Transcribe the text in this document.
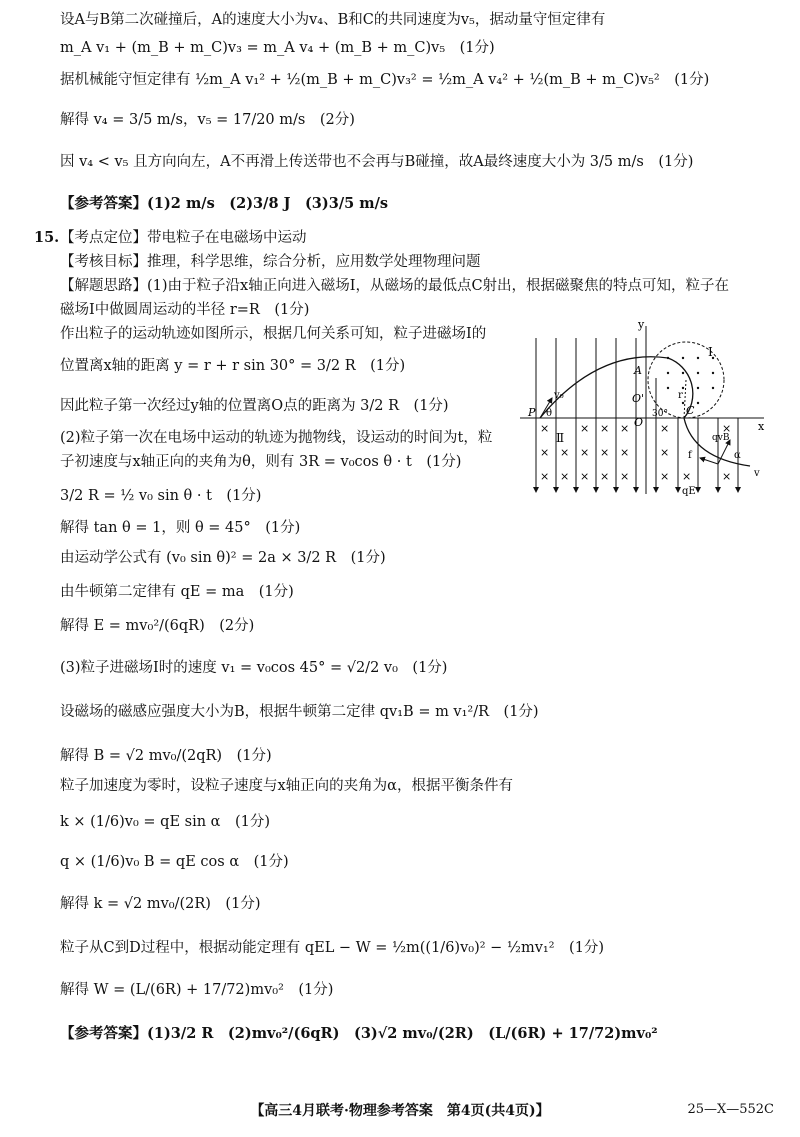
设A与B第二次碰撞后，A的速度大小为v₄、B和C的共同速度为v₅，据动量守恒定律有
m_A v₁ + (m_B + m_C)v₃ = m_A v₄ + (m_B + m_C)v₅　(1分)
据机械能守恒定律有 ½m_A v₁² + ½(m_B + m_C)v₃² = ½m_A v₄² + ½(m_B + m_C)v₅²　(1分)
解得 v₄ = 3/5 m/s，v₅ = 17/20 m/s　(2分)
因 v₄ < v₅ 且方向向左，A不再滑上传送带也不会再与B碰撞，故A最终速度大小为 3/5 m/s　(1分)
【参考答案】(1)2 m/s　(2)3/8 J　(3)3/5 m/s
15. 【考点定位】带电粒子在电磁场中运动
【考核目标】推理，科学思维，综合分析，应用数学处理物理问题
【解题思路】(1)由于粒子沿x轴正向进入磁场Ⅰ，从磁场的最低点C射出，根据磁聚焦的特点可知，粒子在
磁场Ⅰ中做圆周运动的半径 r=R　(1分)
作出粒子的运动轨迹如图所示，根据几何关系可知，粒子进磁场Ⅰ的
位置离x轴的距离 y = r + r sin 30° = 3/2 R　(1分)
因此粒子第一次经过y轴的位置离O点的距离为 3/2 R　(1分)
(2)粒子第一次在电场中运动的轨迹为抛物线，设运动的时间为t，粒
子初速度与x轴正向的夹角为θ，则有 3R = v₀cos θ · t　(1分)
3/2 R = ½ v₀ sin θ · t　(1分)
解得 tan θ = 1，则 θ = 45°　(1分)
由运动学公式有 (v₀ sin θ)² = 2a × 3/2 R　(1分)
由牛顿第二定律有 qE = ma　(1分)
解得 E = mv₀²/(6qR)　(2分)
(3)粒子进磁场Ⅰ时的速度 v₁ = v₀cos 45° = √2/2 v₀　(1分)
设磁场的磁感应强度大小为B，根据牛顿第二定律 qv₁B = m v₁²/R　(1分)
解得 B = √2 mv₀/(2qR)　(1分)
粒子加速度为零时，设粒子速度与x轴正向的夹角为α，根据平衡条件有
k × (1/6)v₀ = qE sin α　(1分)
q × (1/6)v₀ B = qE cos α　(1分)
解得 k = √2 mv₀/(2R)　(1分)
粒子从C到D过程中，根据动能定理有 qEL − W = ½m((1/6)v₀)² − ½mv₁²　(1分)
解得 W = (L/(6R) + 17/72)mv₀²　(1分)
【参考答案】(1)3/2 R　(2)mv₀²/(6qR)　(3)√2 mv₀/(2R)　(L/(6R) + 17/72)mv₀²
y
x
Ⅰ
v₀
P θ
A
O'
O
r
30° C
Ⅱ
×	× × ×	×	×
× × × × ×	×
× × × × ×	× ×	×
qvB
f	α
v
qE
【高三4月联考·物理参考答案　第4页(共4页)】	25—X—552C
